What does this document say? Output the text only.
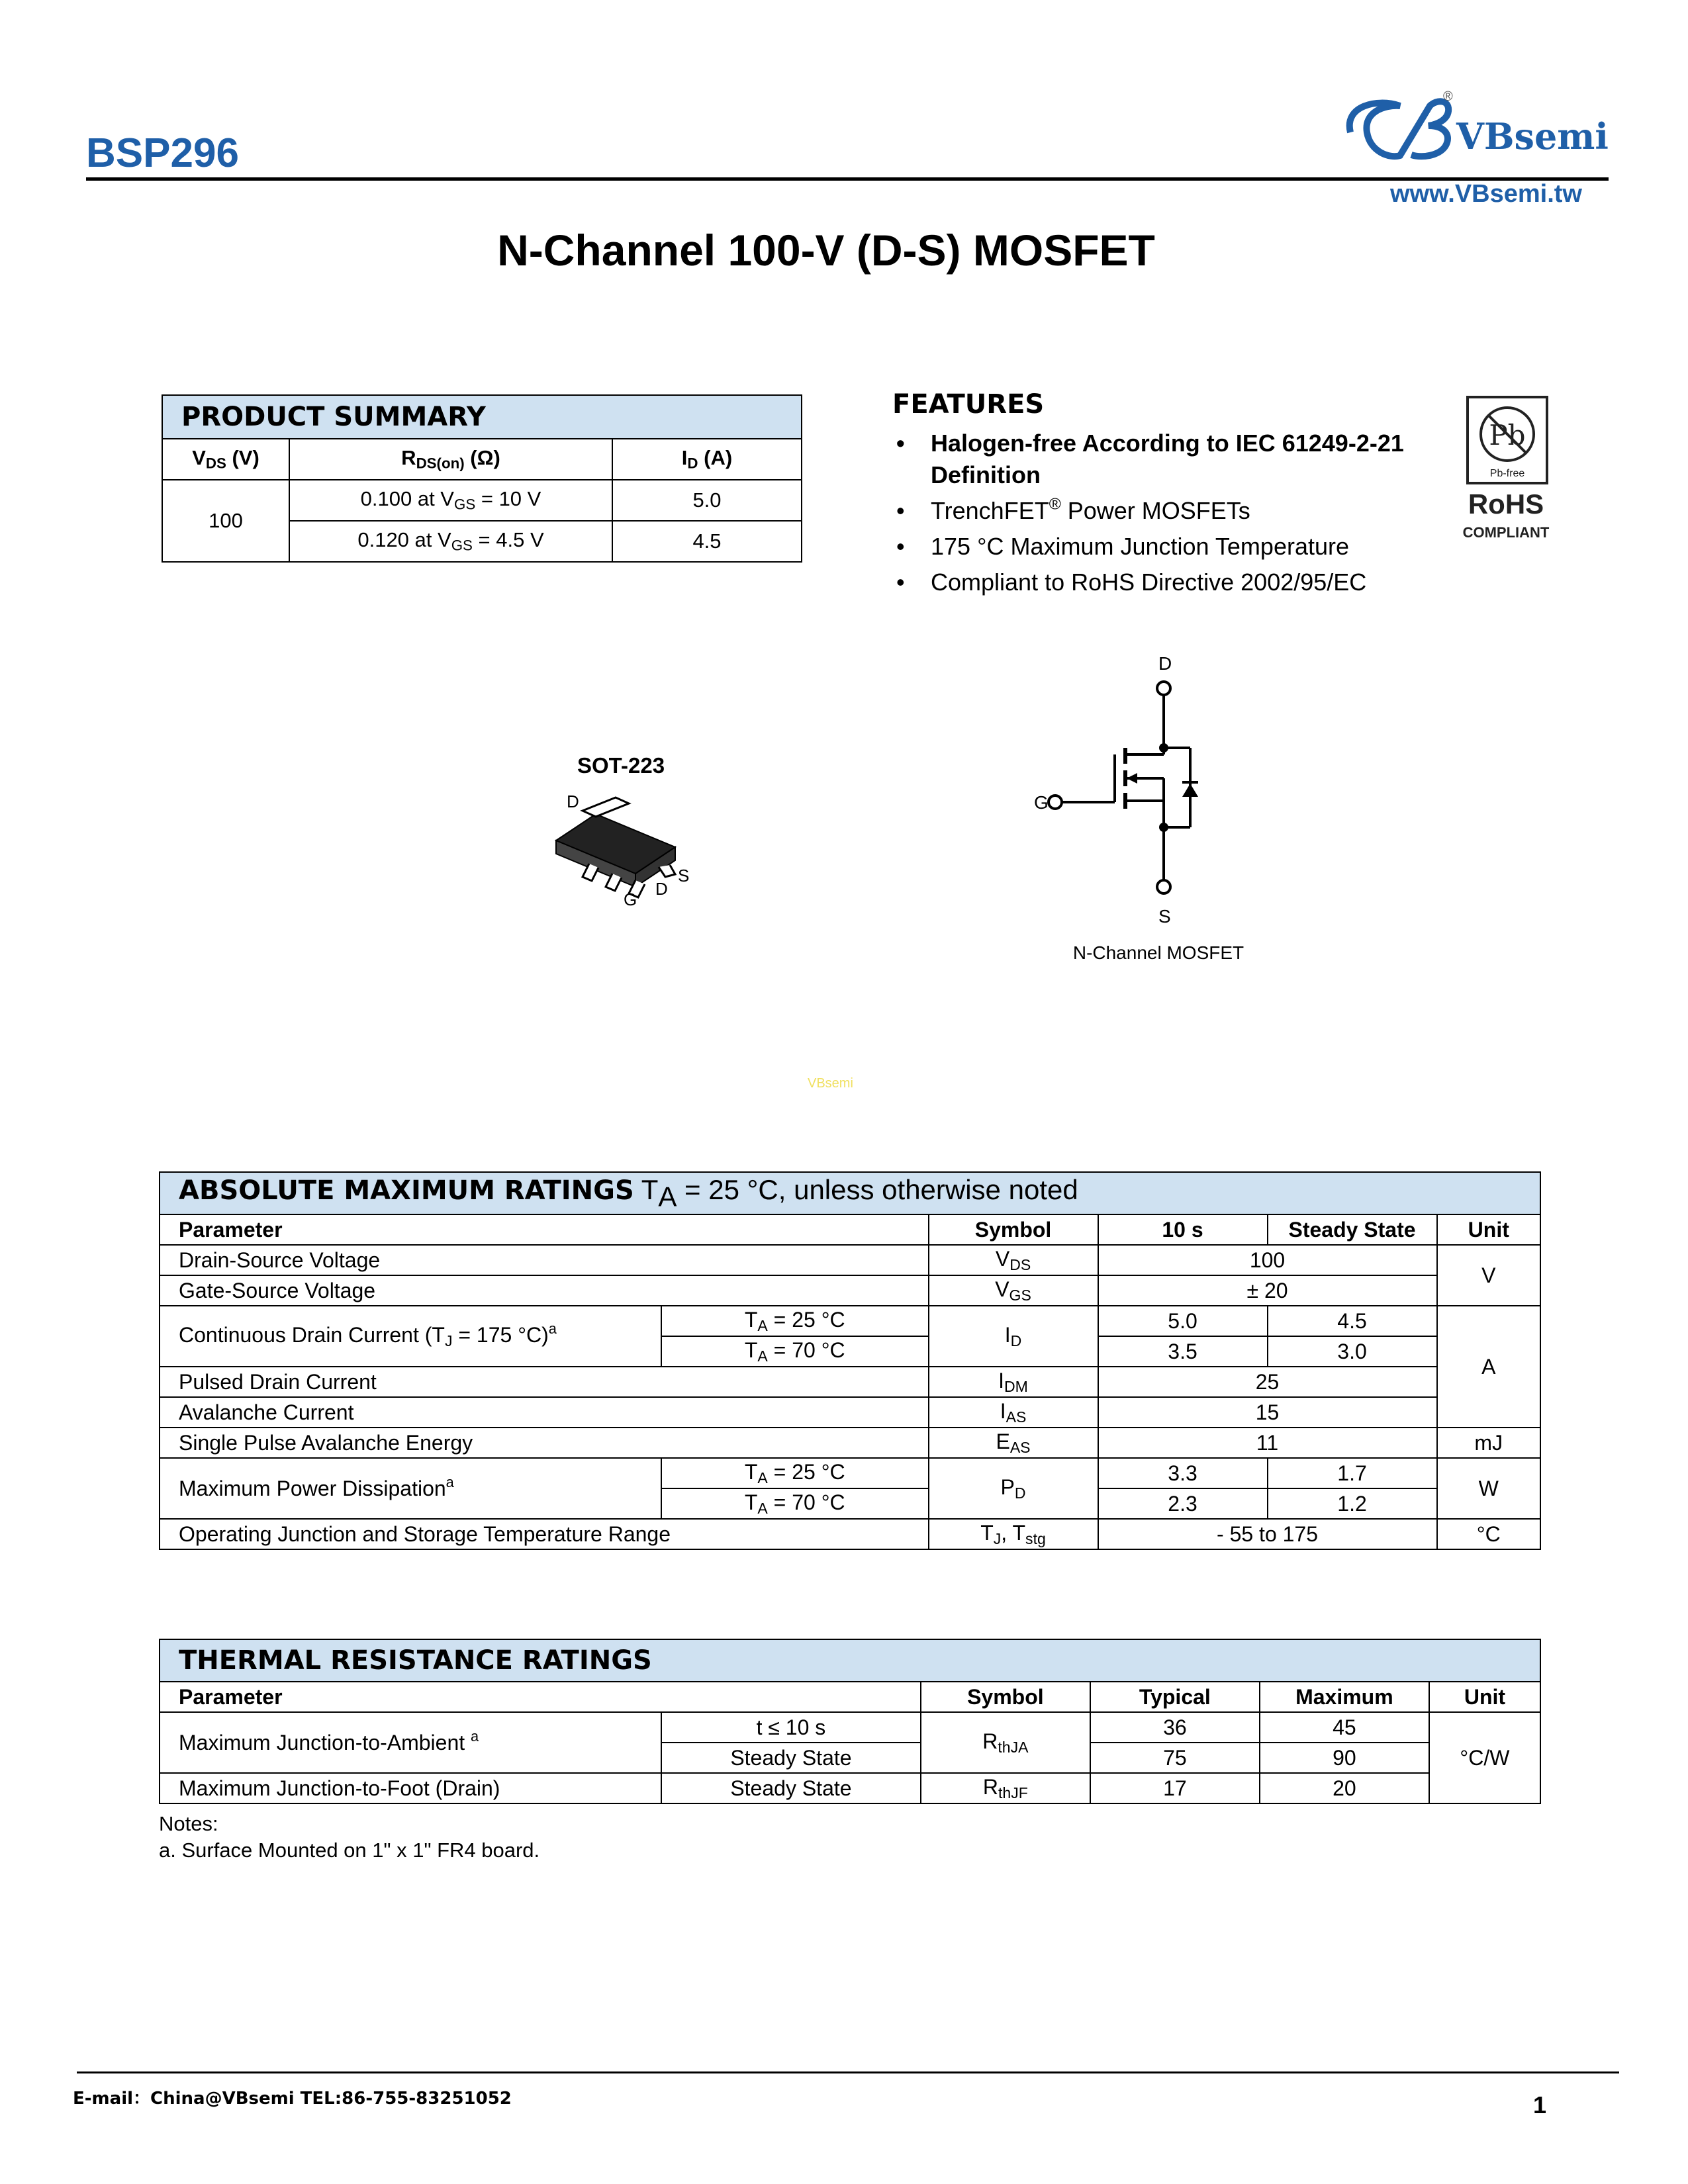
BSP296	VBsemi
®
www.VBsemi.tw
N-Channel 100-V (D-S) MOSFET
PRODUCT SUMMARY		
$V_{DS}$ (V)	$R_{DS(on)}$ (Ω)	$I_D$ (A)
100	0.100 at $V_{GS} = 10$ V	5.0
	0.120 at $V_{GS} = 4.5$ V	4.5
FEATURES
• Halogen-free According to IEC 61249-2-21 Definition
• TrenchFET® Power MOSFETs
• 175 °C Maximum Junction Temperature
• Compliant to RoHS Directive 2002/95/EC
Pb
Pb-free
RoHS
COMPLIANT
SOT-223
D
G
D
S
D
G
S
N-Channel MOSFET
VBsemi
ABSOLUTE MAXIMUM RATINGS $T_A = 25$ °C, unless otherwise noted					
Parameter		Symbol	10 s	Steady State	Unit
Drain-Source Voltage		$V_{DS}$	100		V
Gate-Source Voltage		$V_{GS}$	± 20		
Continuous Drain Current ($T_J = 175$ °C)$^a$	$T_A = 25$ °C	$I_D$	5.0	4.5	A
	$T_A = 70$ °C		3.5	3.0	
Pulsed Drain Current		$I_{DM}$	25		
Avalanche Current		$I_{AS}$	15		
Single Pulse Avalanche Energy		$E_{AS}$	11		mJ
Maximum Power Dissipation$^a$	$T_A = 25$ °C	$P_D$	3.3	1.7	W
	$T_A = 70$ °C		2.3	1.2	
Operating Junction and Storage Temperature Range		$T_J$, $T_{stg}$	- 55 to 175		°C
THERMAL RESISTANCE RATINGS					
Parameter		Symbol	Typical	Maximum	Unit
Maximum Junction-to-Ambient $^a$	t ≤ 10 s	$R_{thJA}$	36	45	°C/W
	Steady State		75	90	
Maximum Junction-to-Foot (Drain)	Steady State	$R_{thJF}$	17	20	
Notes:
a. Surface Mounted on 1" x 1" FR4 board.
E-mail：China@VBsemi TEL:86-755-83251052	1
